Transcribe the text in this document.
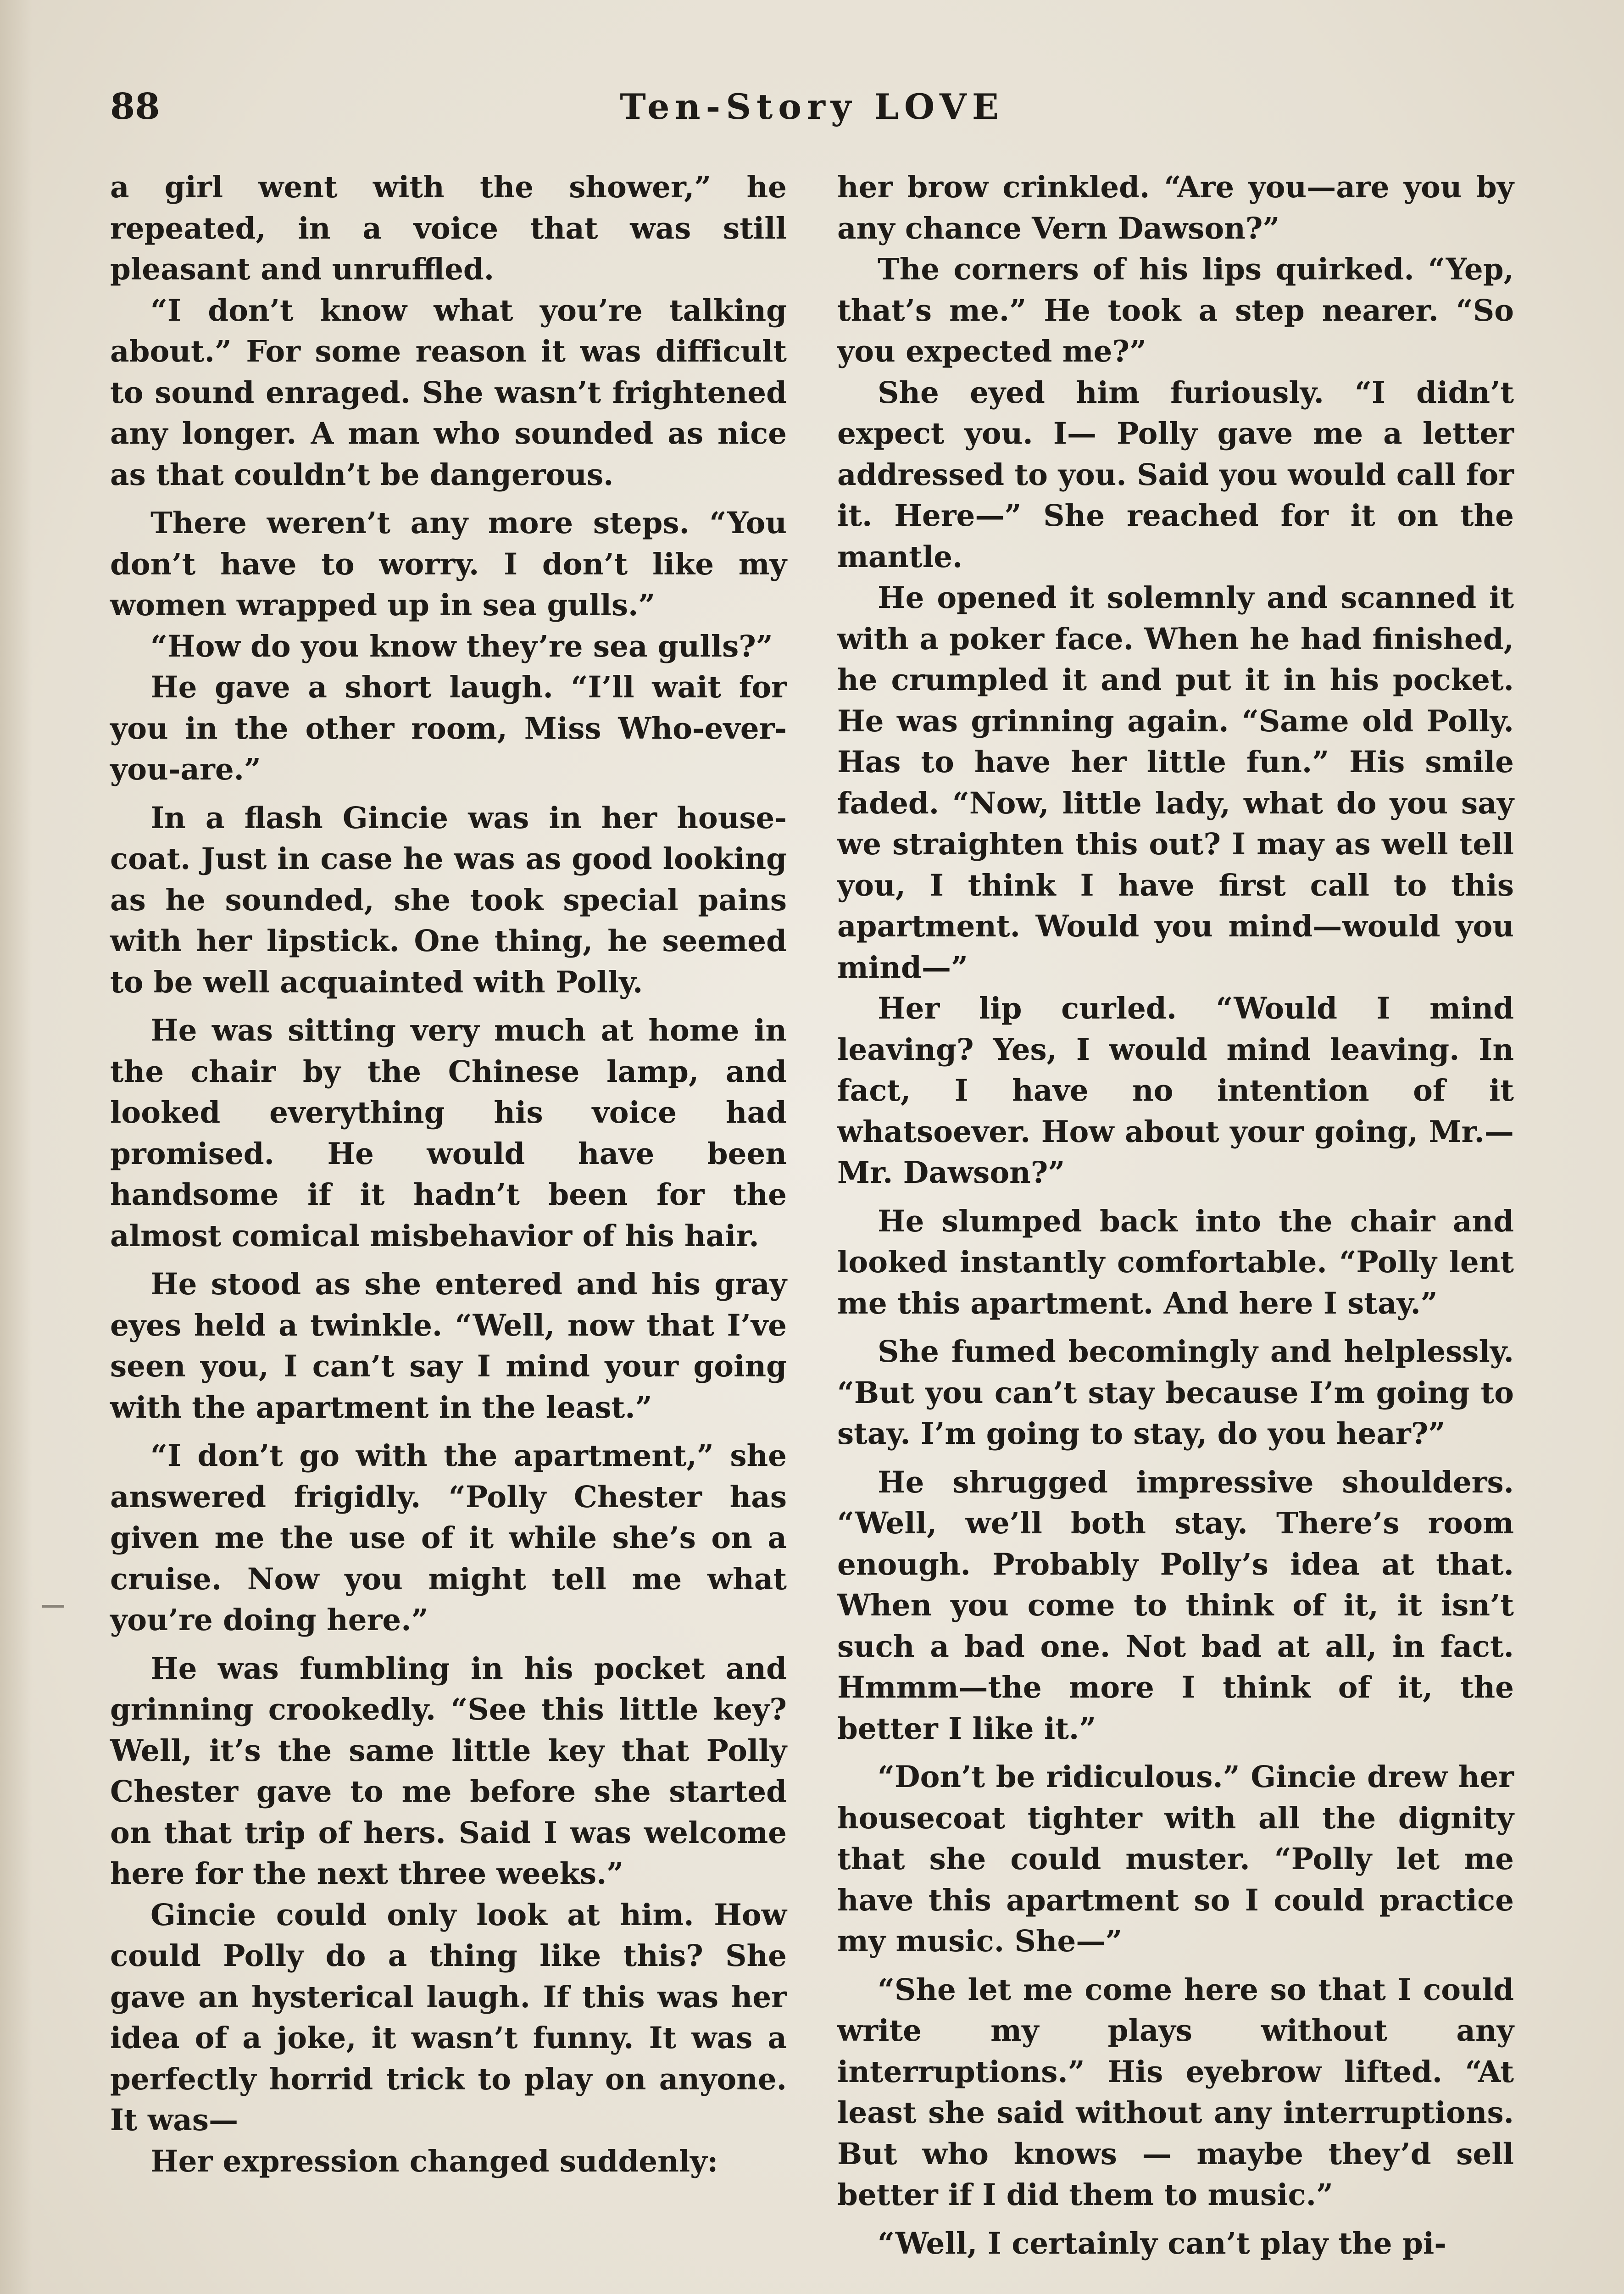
88	Ten-Story LOVE

a girl went with the shower,” he repeated, in a voice that was still pleasant and unruffled.

“I don’t know what you’re talking about.” For some reason it was difficult to sound enraged. She wasn’t frightened any longer. A man who sounded as nice as that couldn’t be dangerous.

There weren’t any more steps. “You don’t have to worry. I don’t like my women wrapped up in sea gulls.”

“How do you know they’re sea gulls?”

He gave a short laugh. “I’ll wait for you in the other room, Miss Who-ever-you-are.”

In a flash Gincie was in her house-coat. Just in case he was as good looking as he sounded, she took special pains with her lipstick. One thing, he seemed to be well acquainted with Polly.

He was sitting very much at home in the chair by the Chinese lamp, and looked everything his voice had promised. He would have been handsome if it hadn’t been for the almost comical misbehavior of his hair.

He stood as she entered and his gray eyes held a twinkle. “Well, now that I’ve seen you, I can’t say I mind your going with the apartment in the least.”

“I don’t go with the apartment,” she answered frigidly. “Polly Chester has given me the use of it while she’s on a cruise. Now you might tell me what you’re doing here.”

He was fumbling in his pocket and grinning crookedly. “See this little key? Well, it’s the same little key that Polly Chester gave to me before she started on that trip of hers. Said I was welcome here for the next three weeks.”

Gincie could only look at him. How could Polly do a thing like this? She gave an hysterical laugh. If this was her idea of a joke, it wasn’t funny. It was a perfectly horrid trick to play on anyone. It was—

Her expression changed suddenly:

her brow crinkled. “Are you—are you by any chance Vern Dawson?”

The corners of his lips quirked. “Yep, that’s me.” He took a step nearer. “So you expected me?”

She eyed him furiously. “I didn’t expect you. I— Polly gave me a letter addressed to you. Said you would call for it. Here—” She reached for it on the mantle.

He opened it solemnly and scanned it with a poker face. When he had finished, he crumpled it and put it in his pocket. He was grinning again. “Same old Polly. Has to have her little fun.” His smile faded. “Now, little lady, what do you say we straighten this out? I may as well tell you, I think I have first call to this apartment. Would you mind—would you mind—”

Her lip curled. “Would I mind leaving? Yes, I would mind leaving. In fact, I have no intention of it whatsoever. How about your going, Mr.— Mr. Dawson?”

He slumped back into the chair and looked instantly comfortable. “Polly lent me this apartment. And here I stay.”

She fumed becomingly and helplessly. “But you can’t stay because I’m going to stay. I’m going to stay, do you hear?”

He shrugged impressive shoulders. “Well, we’ll both stay. There’s room enough. Probably Polly’s idea at that. When you come to think of it, it isn’t such a bad one. Not bad at all, in fact. Hmmm—the more I think of it, the better I like it.”

“Don’t be ridiculous.” Gincie drew her housecoat tighter with all the dignity that she could muster. “Polly let me have this apartment so I could practice my music. She—”

“She let me come here so that I could write my plays without any interruptions.” His eyebrow lifted. “At least she said without any interruptions. But who knows — maybe they’d sell better if I did them to music.”

“Well, I certainly can’t play the pi-
